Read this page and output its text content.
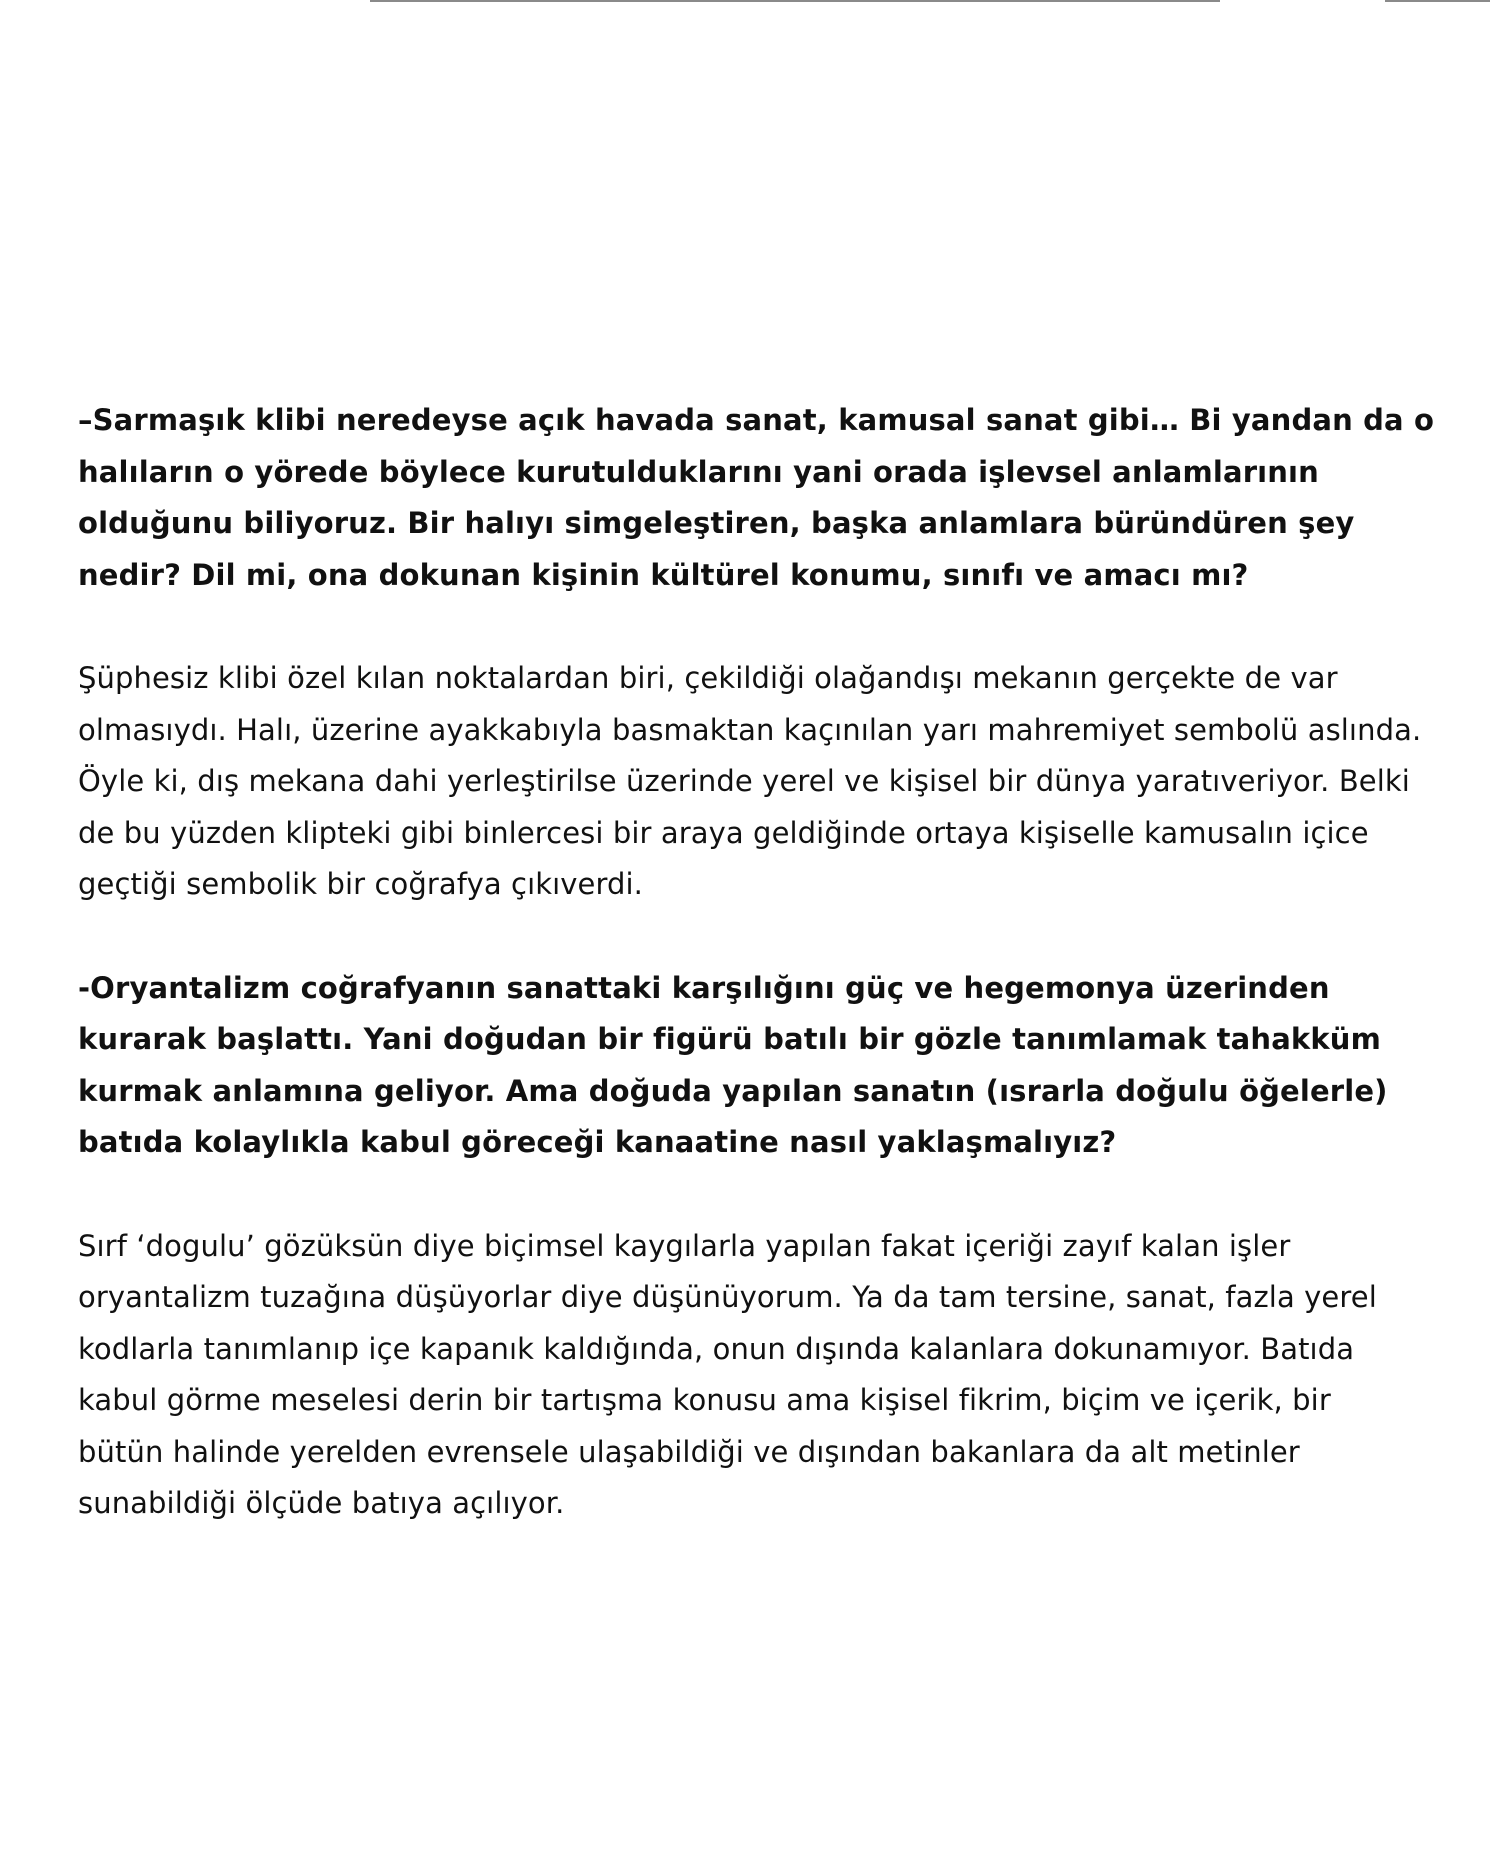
–Sarmaşık klibi neredeyse açık havada sanat, kamusal sanat gibi… Bi yandan da o
halıların o yörede böylece kurutulduklarını yani orada işlevsel anlamlarının
olduğunu biliyoruz. Bir halıyı simgeleştiren, başka anlamlara büründüren şey
nedir? Dil mi, ona dokunan kişinin kültürel konumu, sınıfı ve amacı mı?

Şüphesiz klibi özel kılan noktalardan biri, çekildiği olağandışı mekanın gerçekte de var
olmasıydı. Halı, üzerine ayakkabıyla basmaktan kaçınılan yarı mahremiyet sembolü aslında.
Öyle ki, dış mekana dahi yerleştirilse üzerinde yerel ve kişisel bir dünya yaratıveriyor. Belki
de bu yüzden klipteki gibi binlercesi bir araya geldiğinde ortaya kişiselle kamusalın içice
geçtiği sembolik bir coğrafya çıkıverdi.

-Oryantalizm coğrafyanın sanattaki karşılığını güç ve hegemonya üzerinden
kurarak başlattı. Yani doğudan bir figürü batılı bir gözle tanımlamak tahakküm
kurmak anlamına geliyor. Ama doğuda yapılan sanatın (ısrarla doğulu öğelerle)
batıda kolaylıkla kabul göreceği kanaatine nasıl yaklaşmalıyız?

Sırf ‘dogulu’ gözüksün diye biçimsel kaygılarla yapılan fakat içeriği zayıf kalan işler
oryantalizm tuzağına düşüyorlar diye düşünüyorum. Ya da tam tersine, sanat, fazla yerel
kodlarla tanımlanıp içe kapanık kaldığında, onun dışında kalanlara dokunamıyor. Batıda
kabul görme meselesi derin bir tartışma konusu ama kişisel fikrim, biçim ve içerik, bir
bütün halinde yerelden evrensele ulaşabildiği ve dışından bakanlara da alt metinler
sunabildiği ölçüde batıya açılıyor.
